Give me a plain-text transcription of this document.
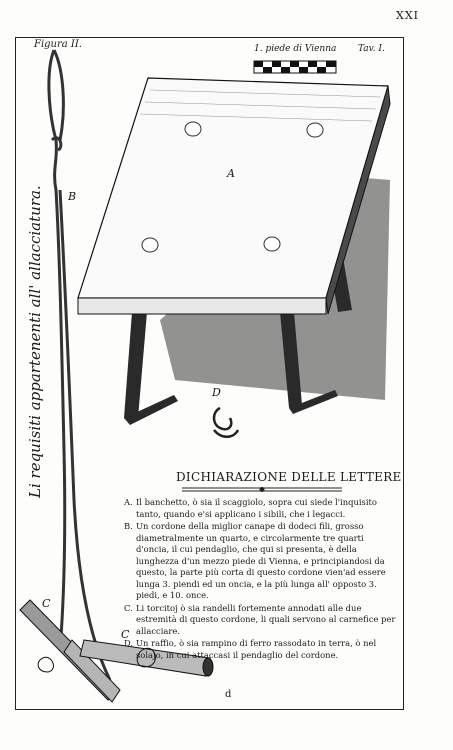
XXI
Figura II.	1. piede di Vienna Tav. I.
Li requisiti appartenenti all' allacciatura.
A
B
C
C
D
DICHIARAZIONE DELLE LETTERE

A. Il banchetto, ò sia il scaggiolo, sopra cui siede l'inquisito tanto, quando e'si applicano i sibili, che i legacci.

B. Un cordone della miglior canape di dodeci fili, grosso diametralmente un quarto, e circolarmente tre quarti d'oncia, il cui pendaglio, che qui si presenta, è della lunghezza d'un mezzo piede di Vienna, e principiandosi da questo, la parte più corta di questo cordone vien'ad essere lunga 3. piendi ed un oncia, e la più lunga all' opposto 3. piedi, e 10. once.

C. Li torcitoj ò sia randelli fortemente annodati alle due estremità di questo cordone, li quali servono al carnefice per allacciare.

D. Un raffio, ò sia rampino di ferro rassodato in terra, ò nel solajo, in cui attaccasi il pendaglio del cordone.

d
